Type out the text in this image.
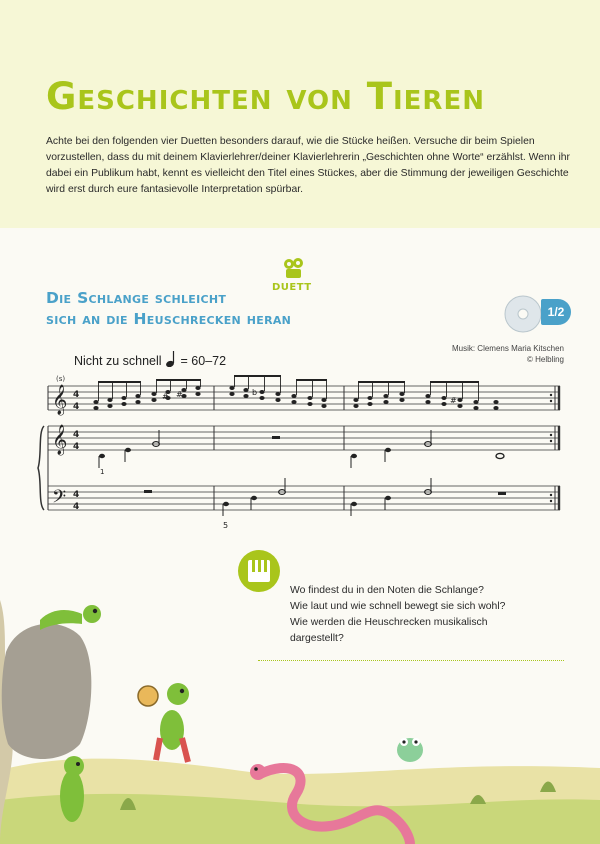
Geschichten von Tieren

Achte bei den folgenden vier Duetten besonders darauf, wie die Stücke heißen. Versuche dir beim Spielen vorzustellen, dass du mit deinem Klavierlehrer/deiner Klavierlehrerin „Geschichten ohne Worte“ erzählst. Wenn ihr dabei ein Publikum habt, kennt es vielleicht den Titel eines Stückes, aber die Stimmung der jeweiligen Geschichte wird erst durch eure fantasievolle Interpretation spürbar.

DUETT
Die Schlange schleicht
sich an die Heuschrecken heran	1/2
Musik: Clemens Maria Kitschen
© Helbling
Nicht zu schnell = 60–72
(s)
𝄞
𝄞
𝄢
4
4
4
4
4
4
# #	b
#
1
5
Wo findest du in den Noten die Schlange?
Wie laut und wie schnell bewegt sie sich wohl?
Wie werden die Heuschrecken musikalisch
dargestellt?
